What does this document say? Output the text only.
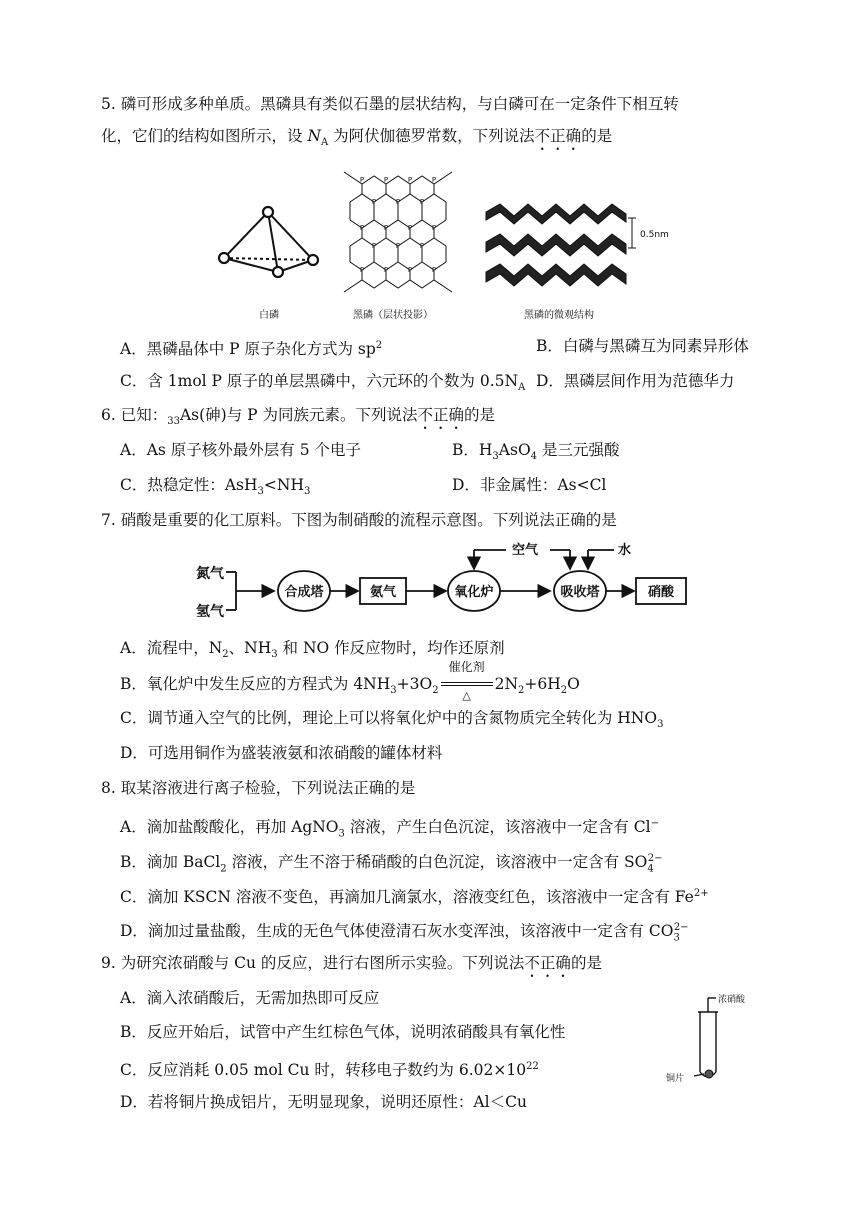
5. 磷可形成多种单质。黑磷具有类似石墨的层状结构，与白磷可在一定条件下相互转
化，它们的结构如图所示，设 $N_A$ 为阿伏伽德罗常数，下列说法不正确的是
白磷
P	P	P	P
P	P	P
P	P	P	P
P	P	P
P	P	P	P
黑磷（层状投影）
0.5nm
黑磷的微观结构
A．黑磷晶体中 P 原子杂化方式为 $sp^2$	B．白磷与黑磷互为同素异形体
C．含 1mol P 原子的单层黑磷中，六元环的个数为 $0.5N_A$ D．黑磷层间作用为范德华力
6. 已知：$_{33}$As(砷)与 P 为同族元素。下列说法不正确的是
A．As 原子核外最外层有 5 个电子	B．$H_3AsO_4$ 是三元强酸
C．热稳定性：$AsH_3<NH_3$	D．非金属性：As<Cl
7. 硝酸是重要的化工原料。下图为制硝酸的流程示意图。下列说法正确的是
氮气
氢气
合成塔	氨气	氧化炉	吸收塔	硝酸
空气	水
A．流程中，$N_2$、$NH_3$ 和 NO 作反应物时，均作还原剂
B．氧化炉中发生反应的方程式为 $4NH_3+3O_2 \frac{\text{催化剂}}{\triangle} 2N_2+6H_2O$
C．调节通入空气的比例，理论上可以将氧化炉中的含氮物质完全转化为 $HNO_3$
D．可选用铜作为盛装液氨和浓硝酸的罐体材料
8. 取某溶液进行离子检验，下列说法正确的是
A．滴加盐酸酸化，再加 AgNO$_3$ 溶液，产生白色沉淀，该溶液中一定含有 Cl−
B．滴加 BaCl$_2$ 溶液，产生不溶于稀硝酸的白色沉淀，该溶液中一定含有 $SO_4^{2-}$
C．滴加 KSCN 溶液不变色，再滴加几滴氯水，溶液变红色，该溶液中一定含有 $Fe^{2+}$
D．滴加过量盐酸，生成的无色气体使澄清石灰水变浑浊，该溶液中一定含有 $CO_3^{2-}$
9. 为研究浓硝酸与 Cu 的反应，进行右图所示实验。下列说法不正确的是
A．滴入浓硝酸后，无需加热即可反应
B．反应开始后，试管中产生红棕色气体，说明浓硝酸具有氧化性
C．反应消耗 0.05 mol Cu 时，转移电子数约为 $6.02\times 10^{22}$
D．若将铜片换成铝片，无明显现象，说明还原性：Al＜Cu
浓硝酸
铜片
